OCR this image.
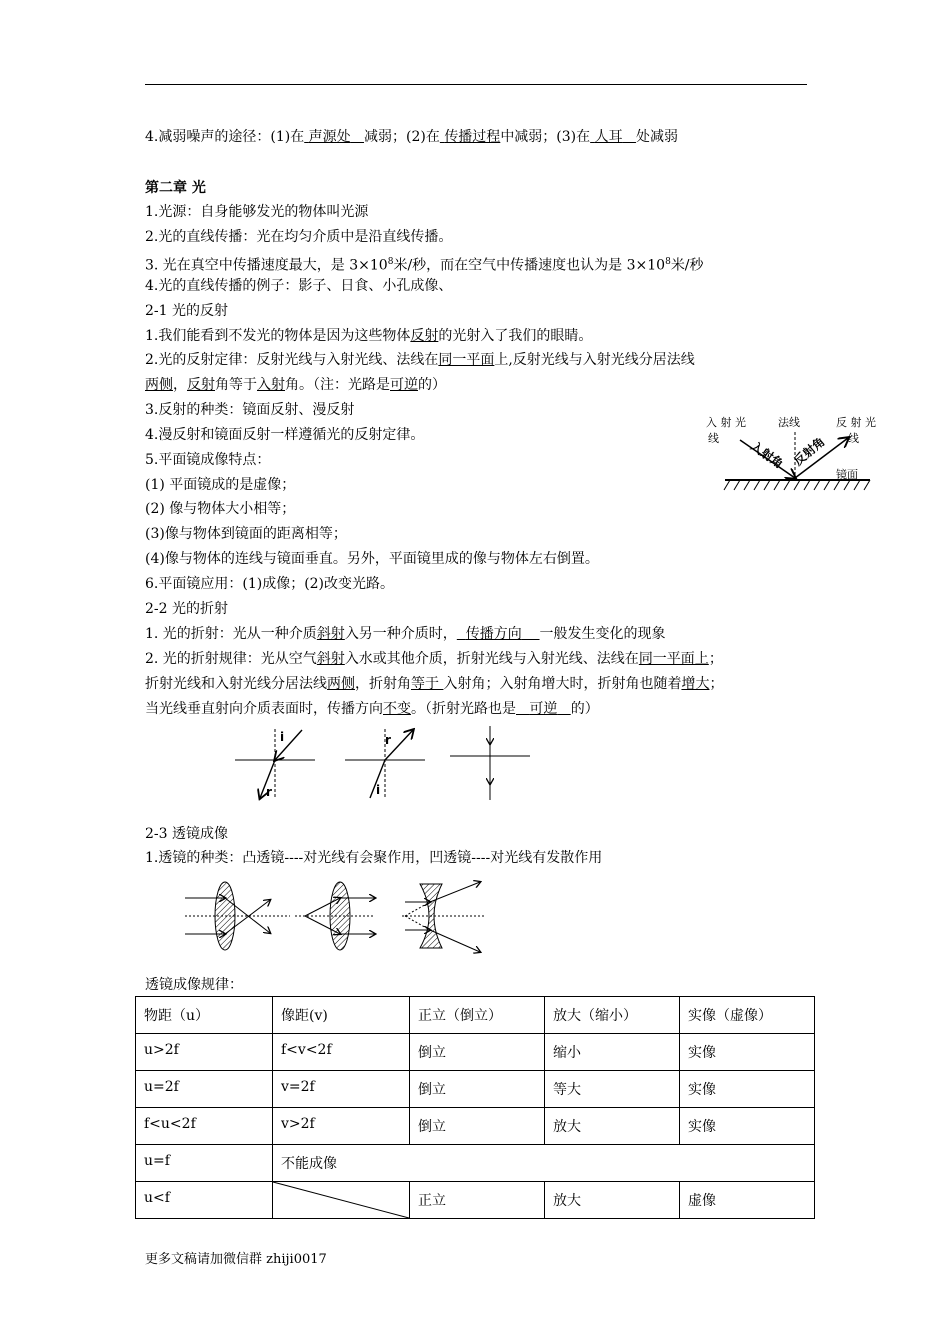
4.减弱噪声的途径：(1)在 声源处 减弱；(2)在 传播过程中减弱；(3)在 人耳 处减弱
第二章 光
1.光源：自身能够发光的物体叫光源
2.光的直线传播：光在均匀介质中是沿直线传播。
3. 光在真空中传播速度最大，是 $3\times 10^8$米/秒，而在空气中传播速度也认为是 $3\times 10^8$米/秒
4.光的直线传播的例子：影子、日食、小孔成像、
2-1 光的反射
1.我们能看到不发光的物体是因为这些物体反射的光射入了我们的眼睛。
2.光的反射定律：反射光线与入射光线、法线在同一平面上,反射光线与入射光线分居法线
两侧，反射角等于入射角。（注：光路是可逆的）
3.反射的种类：镜面反射、漫反射
4.漫反射和镜面反射一样遵循光的反射定律。
5.平面镜成像特点：
(1) 平面镜成的是虚像；
(2) 像与物体大小相等；
(3)像与物体到镜面的距离相等；
(4)像与物体的连线与镜面垂直。另外，平面镜里成的像与物体左右倒置。
6.平面镜应用：(1)成像；(2)改变光路。
入 射 光
线
法线	反 射 光
线
入射角 反射角
镜面
2-2 光的折射
1. 光的折射：光从一种介质斜射入另一种介质时， 传播方向 一般发生变化的现象
2. 光的折射规律：光从空气斜射入水或其他介质，折射光线与入射光线、法线在同一平面上；
折射光线和入射光线分居法线两侧，折射角等于 入射角；入射角增大时，折射角也随着增大；
当光线垂直射向介质表面时，传播方向不变。（折射光路也是 可逆 的）
i
r
r
i
2-3 透镜成像
1.透镜的种类：凸透镜----对光线有会聚作用，凹透镜----对光线有发散作用
透镜成像规律：
物距（u）	像距(v)	正立（倒立）	放大（缩小）	实像（虚像）
u>2f	f<v<2f	倒立	缩小	实像
u=2f	v=2f	倒立	等大	实像
f<u<2f	v>2f	倒立	放大	实像
u=f	不能成像			
u<f		正立	放大	虚像
更多文稿请加微信群 zhiji0017
